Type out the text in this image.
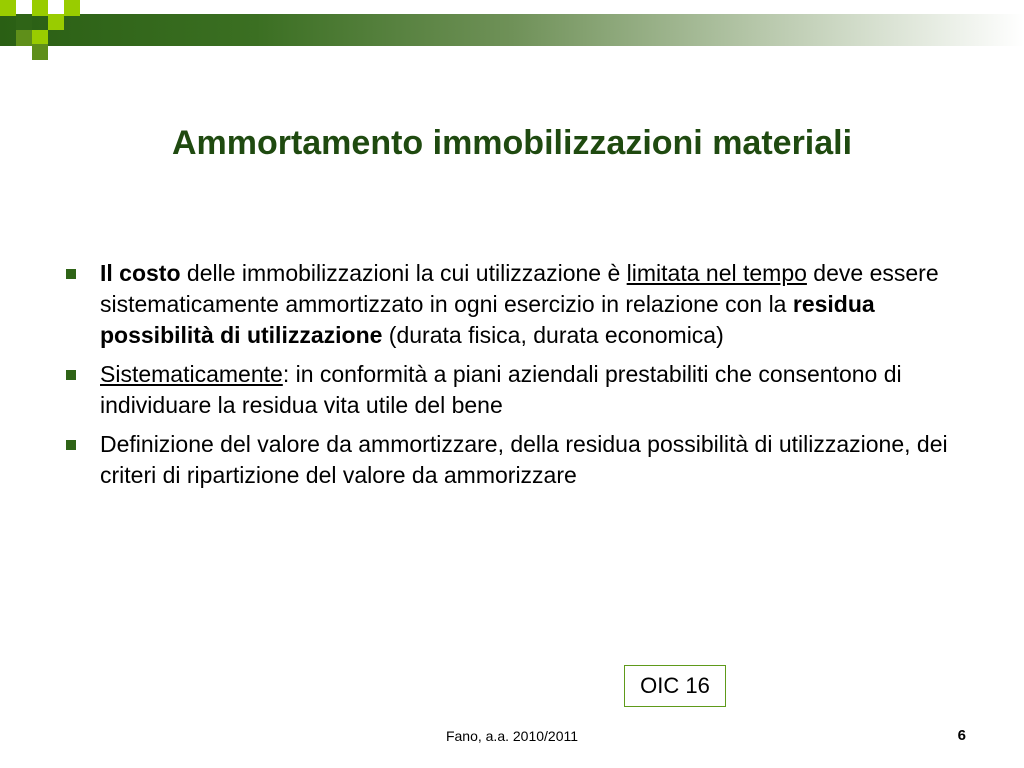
Ammortamento immobilizzazioni materiali
Il costo delle immobilizzazioni la cui utilizzazione è limitata nel tempo deve essere sistematicamente ammortizzato in ogni esercizio in relazione con la residua possibilità di utilizzazione (durata fisica, durata economica)
Sistematicamente: in conformità a piani aziendali prestabiliti che consentono di individuare la residua vita utile del bene
Definizione del valore da ammortizzare, della residua possibilità di utilizzazione, dei criteri di ripartizione del valore da ammorizzare
OIC 16
Fano, a.a. 2010/2011	6
